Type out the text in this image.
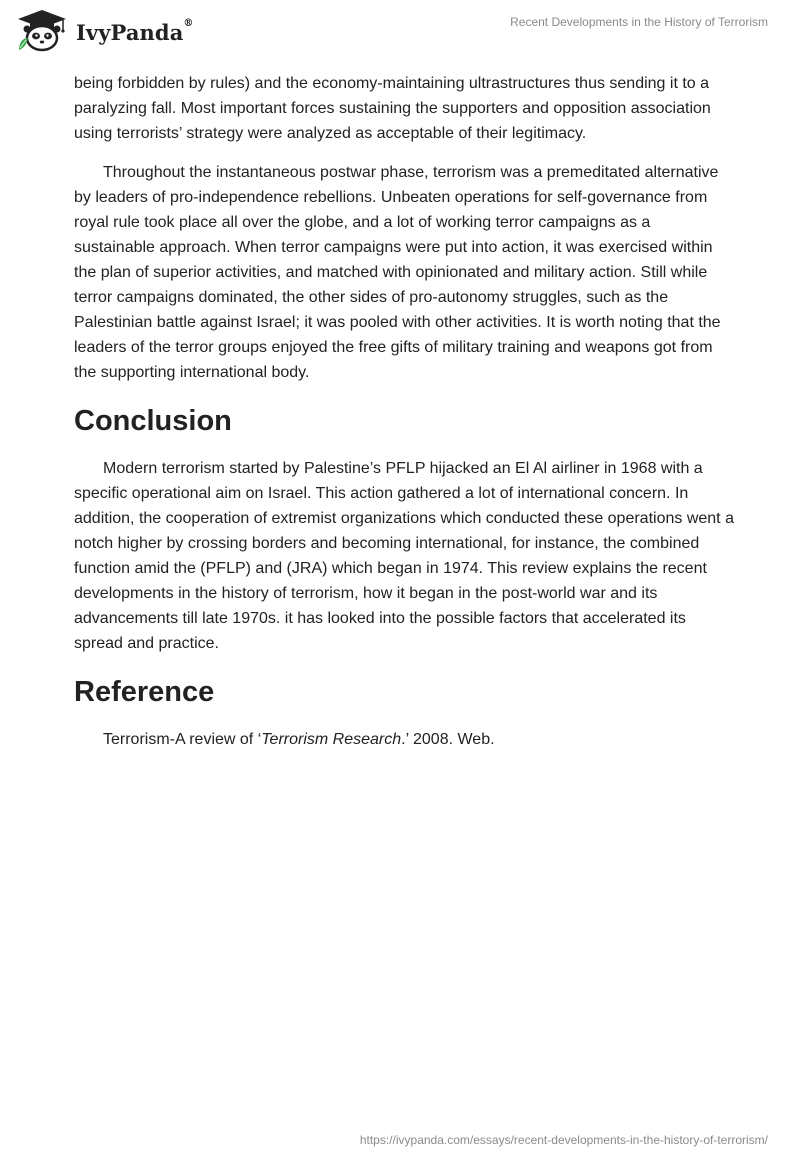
IvyPanda®	Recent Developments in the History of Terrorism

being forbidden by rules) and the economy-maintaining ultrastructures thus sending it to a paralyzing fall. Most important forces sustaining the supporters and opposition association using terrorists’ strategy were analyzed as acceptable of their legitimacy.

Throughout the instantaneous postwar phase, terrorism was a premeditated alternative by leaders of pro-independence rebellions. Unbeaten operations for self-governance from royal rule took place all over the globe, and a lot of working terror campaigns as a sustainable approach. When terror campaigns were put into action, it was exercised within the plan of superior activities, and matched with opinionated and military action. Still while terror campaigns dominated, the other sides of pro-autonomy struggles, such as the Palestinian battle against Israel; it was pooled with other activities. It is worth noting that the leaders of the terror groups enjoyed the free gifts of military training and weapons got from the supporting international body.

Conclusion

Modern terrorism started by Palestine’s PFLP hijacked an El Al airliner in 1968 with a specific operational aim on Israel. This action gathered a lot of international concern. In addition, the cooperation of extremist organizations which conducted these operations went a notch higher by crossing borders and becoming international, for instance, the combined function amid the (PFLP) and (JRA) which began in 1974. This review explains the recent developments in the history of terrorism, how it began in the post-world war and its advancements till late 1970s. it has looked into the possible factors that accelerated its spread and practice.

Reference
Terrorism-A review of ‘Terrorism Research.’ 2008. Web.
https://ivypanda.com/essays/recent-developments-in-the-history-of-terrorism/
